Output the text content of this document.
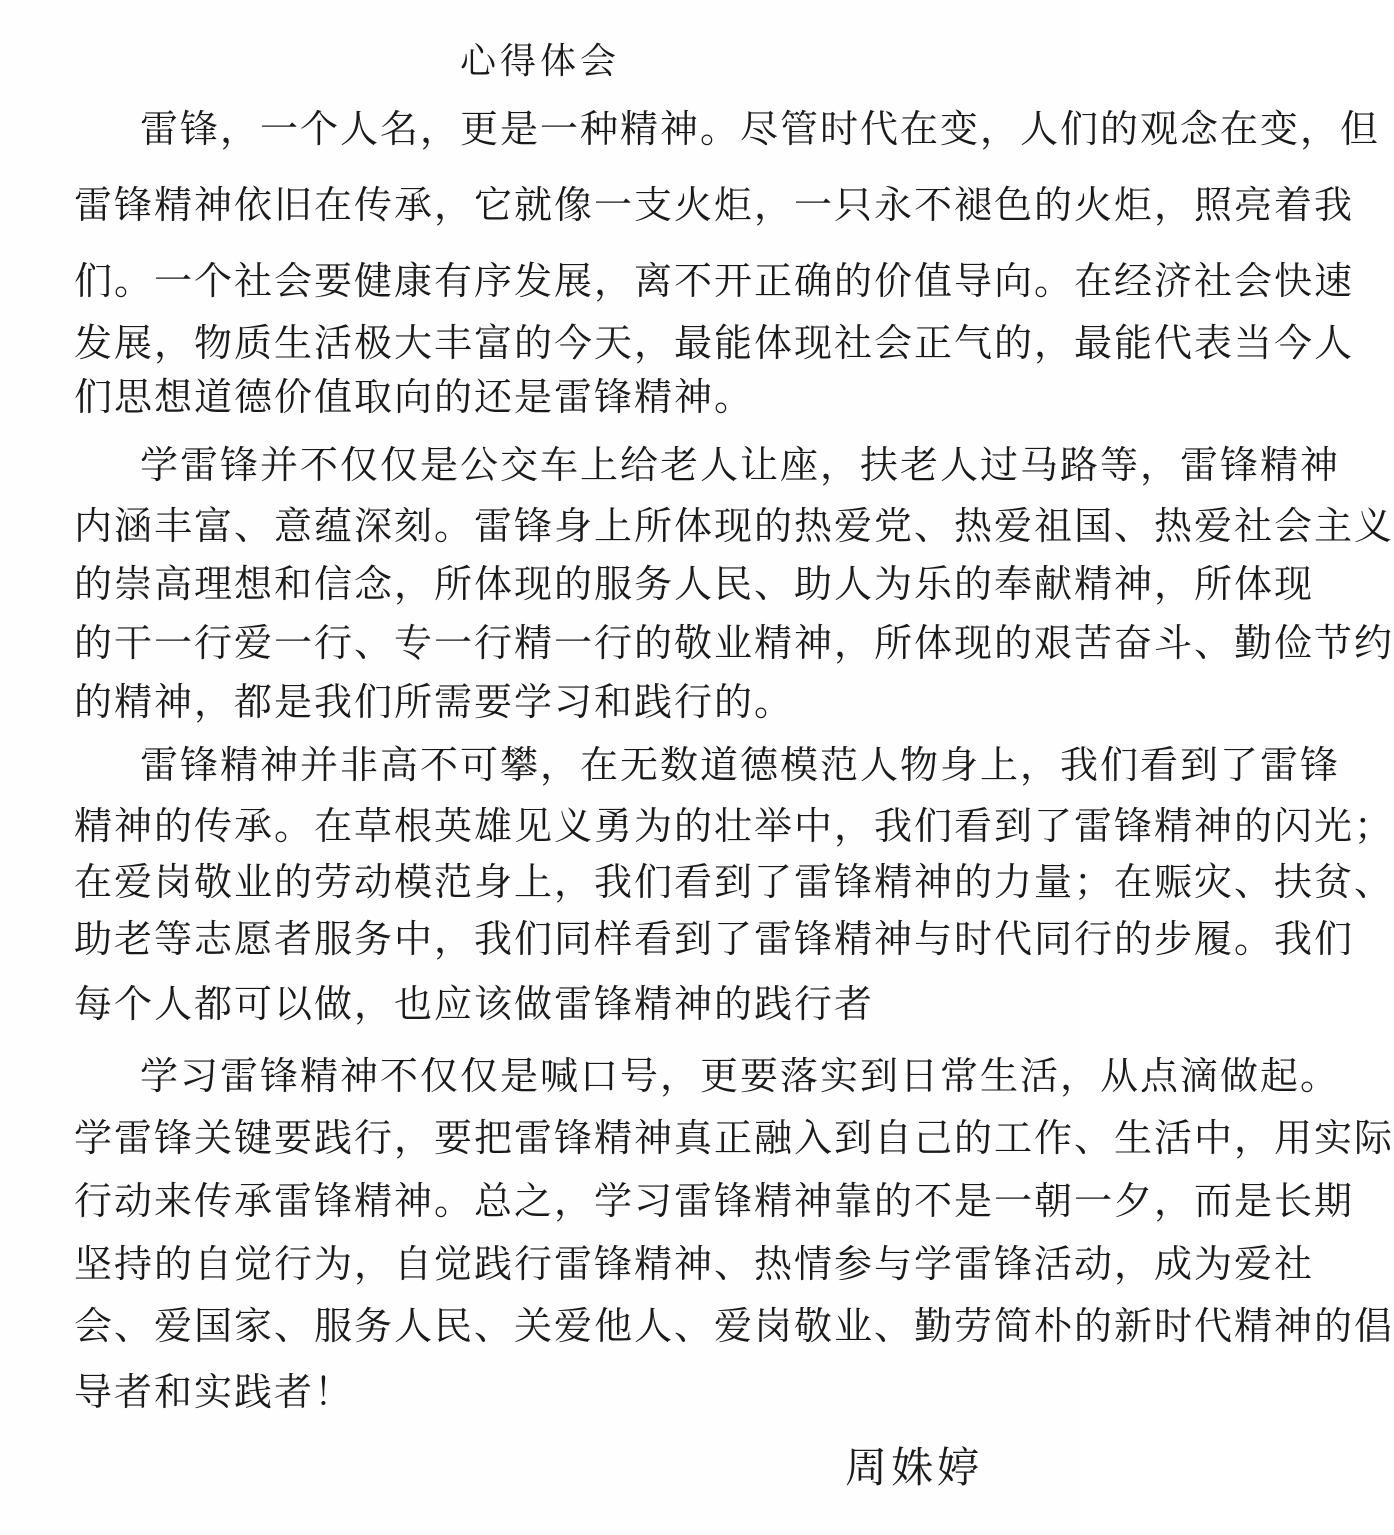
心得体会
雷锋，一个人名，更是一种精神。尽管时代在变，人们的观念在变，但
雷锋精神依旧在传承，它就像一支火炬，一只永不褪色的火炬，照亮着我
们。一个社会要健康有序发展，离不开正确的价值导向。在经济社会快速
发展，物质生活极大丰富的今天，最能体现社会正气的，最能代表当今人
们思想道德价值取向的还是雷锋精神。
学雷锋并不仅仅是公交车上给老人让座，扶老人过马路等，雷锋精神
内涵丰富、意蕴深刻。雷锋身上所体现的热爱党、热爱祖国、热爱社会主义
的崇高理想和信念，所体现的服务人民、助人为乐的奉献精神，所体现
的干一行爱一行、专一行精一行的敬业精神，所体现的艰苦奋斗、勤俭节约
的精神，都是我们所需要学习和践行的。
雷锋精神并非高不可攀，在无数道德模范人物身上，我们看到了雷锋
精神的传承。在草根英雄见义勇为的壮举中，我们看到了雷锋精神的闪光；
在爱岗敬业的劳动模范身上，我们看到了雷锋精神的力量；在赈灾、扶贫、
助老等志愿者服务中，我们同样看到了雷锋精神与时代同行的步履。我们
每个人都可以做，也应该做雷锋精神的践行者
学习雷锋精神不仅仅是喊口号，更要落实到日常生活，从点滴做起。
学雷锋关键要践行，要把雷锋精神真正融入到自己的工作、生活中，用实际
行动来传承雷锋精神。总之，学习雷锋精神靠的不是一朝一夕，而是长期
坚持的自觉行为，自觉践行雷锋精神、热情参与学雷锋活动，成为爱社
会、爱国家、服务人民、关爱他人、爱岗敬业、勤劳简朴的新时代精神的倡
导者和实践者！
周姝婷
